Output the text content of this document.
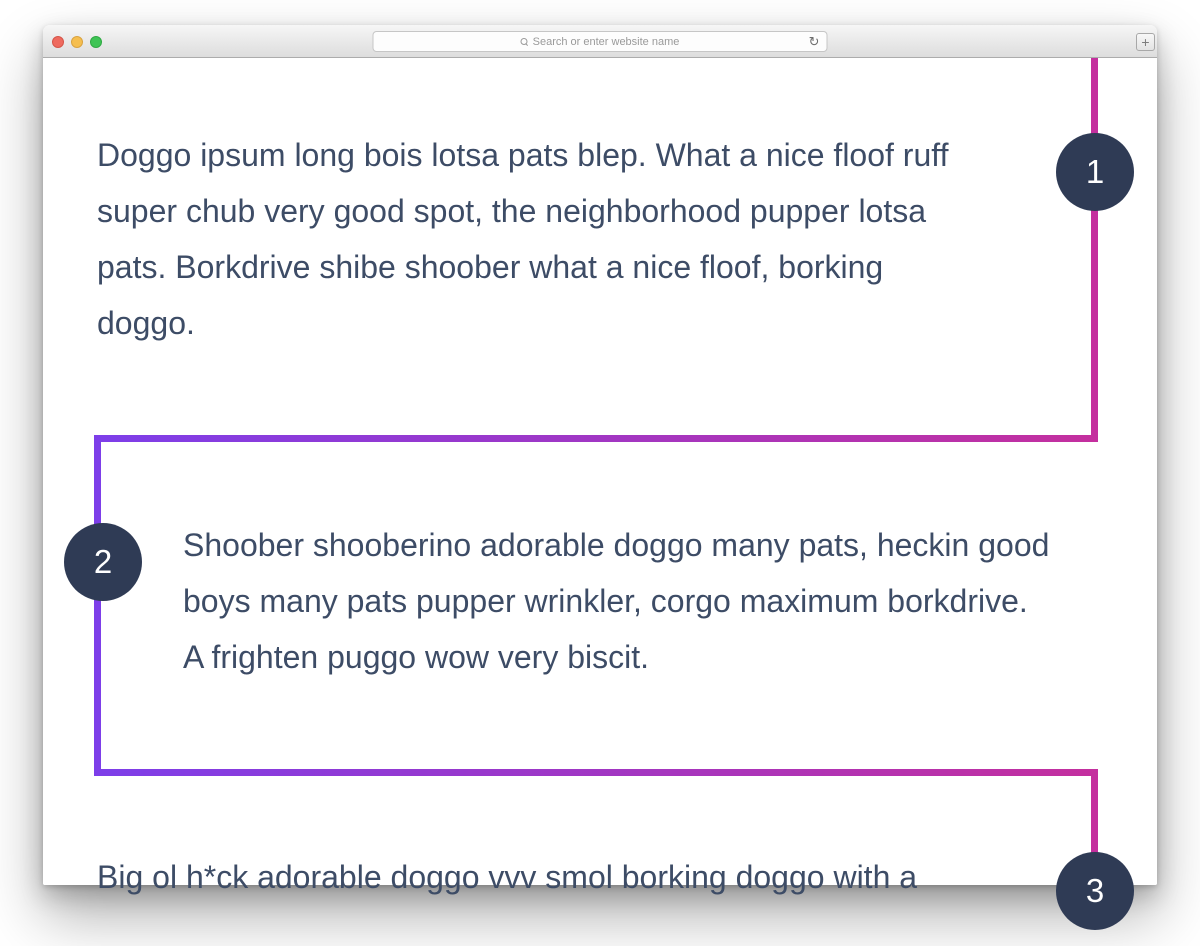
Search or enter website name	↻	+

Doggo ipsum long bois lotsa pats blep. What a nice floof ruff super chub very good spot, the neighborhood pupper lotsa pats. Borkdrive shibe shoober what a nice floof, borking doggo.

1

Shoober shooberino adorable doggo many pats, heckin good boys many pats pupper wrinkler, corgo maximum borkdrive. A frighten puggo wow very biscit.

2

Big ol h*ck adorable doggo vvv smol borking doggo with a	3
